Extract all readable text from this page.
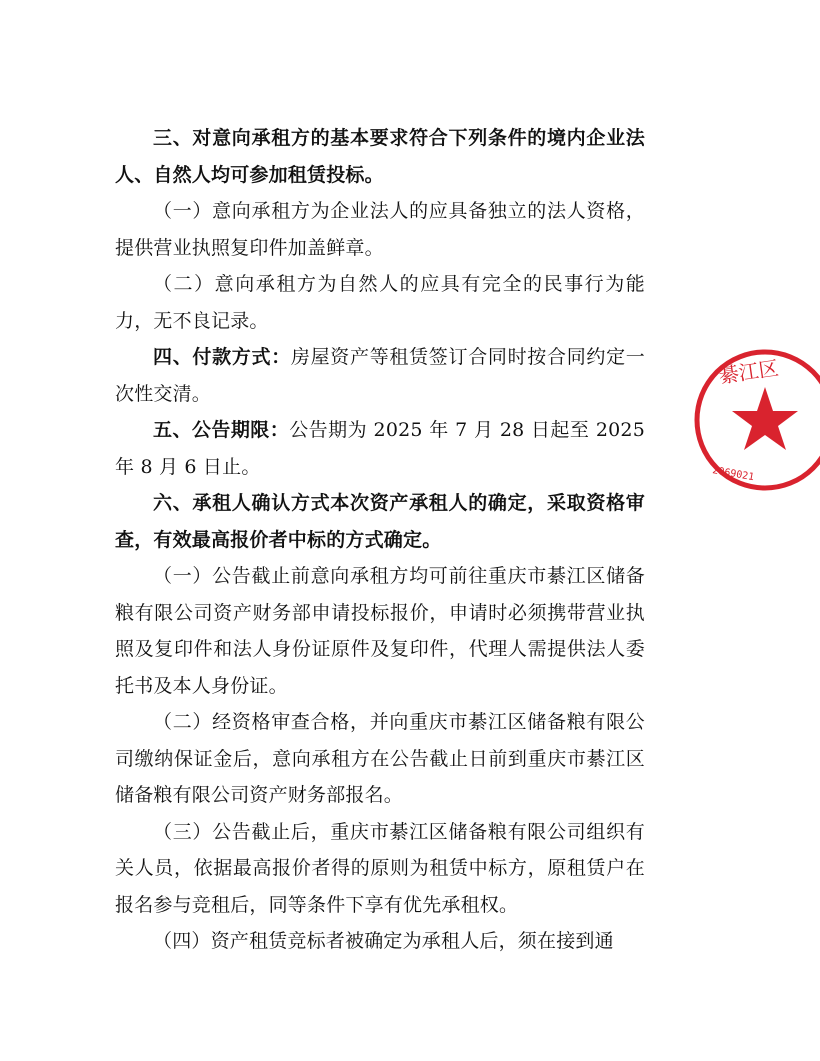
三、对意向承租方的基本要求符合下列条件的境内企业法人、自然人均可参加租赁投标。

（一）意向承租方为企业法人的应具备独立的法人资格，提供营业执照复印件加盖鲜章。

（二）意向承租方为自然人的应具有完全的民事行为能力，无不良记录。

四、付款方式：房屋资产等租赁签订合同时按合同约定一次性交清。

五、公告期限：公告期为 2025 年 7 月 28 日起至 2025 年 8 月 6 日止。

六、承租人确认方式本次资产承租人的确定，采取资格审查，有效最高报价者中标的方式确定。

（一）公告截止前意向承租方均可前往重庆市綦江区储备粮有限公司资产财务部申请投标报价，申请时必须携带营业执照及复印件和法人身份证原件及复印件，代理人需提供法人委托书及本人身份证。

（二）经资格审查合格，并向重庆市綦江区储备粮有限公司缴纳保证金后，意向承租方在公告截止日前到重庆市綦江区储备粮有限公司资产财务部报名。

（三）公告截止后，重庆市綦江区储备粮有限公司组织有关人员，依据最高报价者得的原则为租赁中标方，原租赁户在报名参与竞租后，同等条件下享有优先承租权。

（四）资产租赁竞标者被确定为承租人后，须在接到通

綦江区
2069021
